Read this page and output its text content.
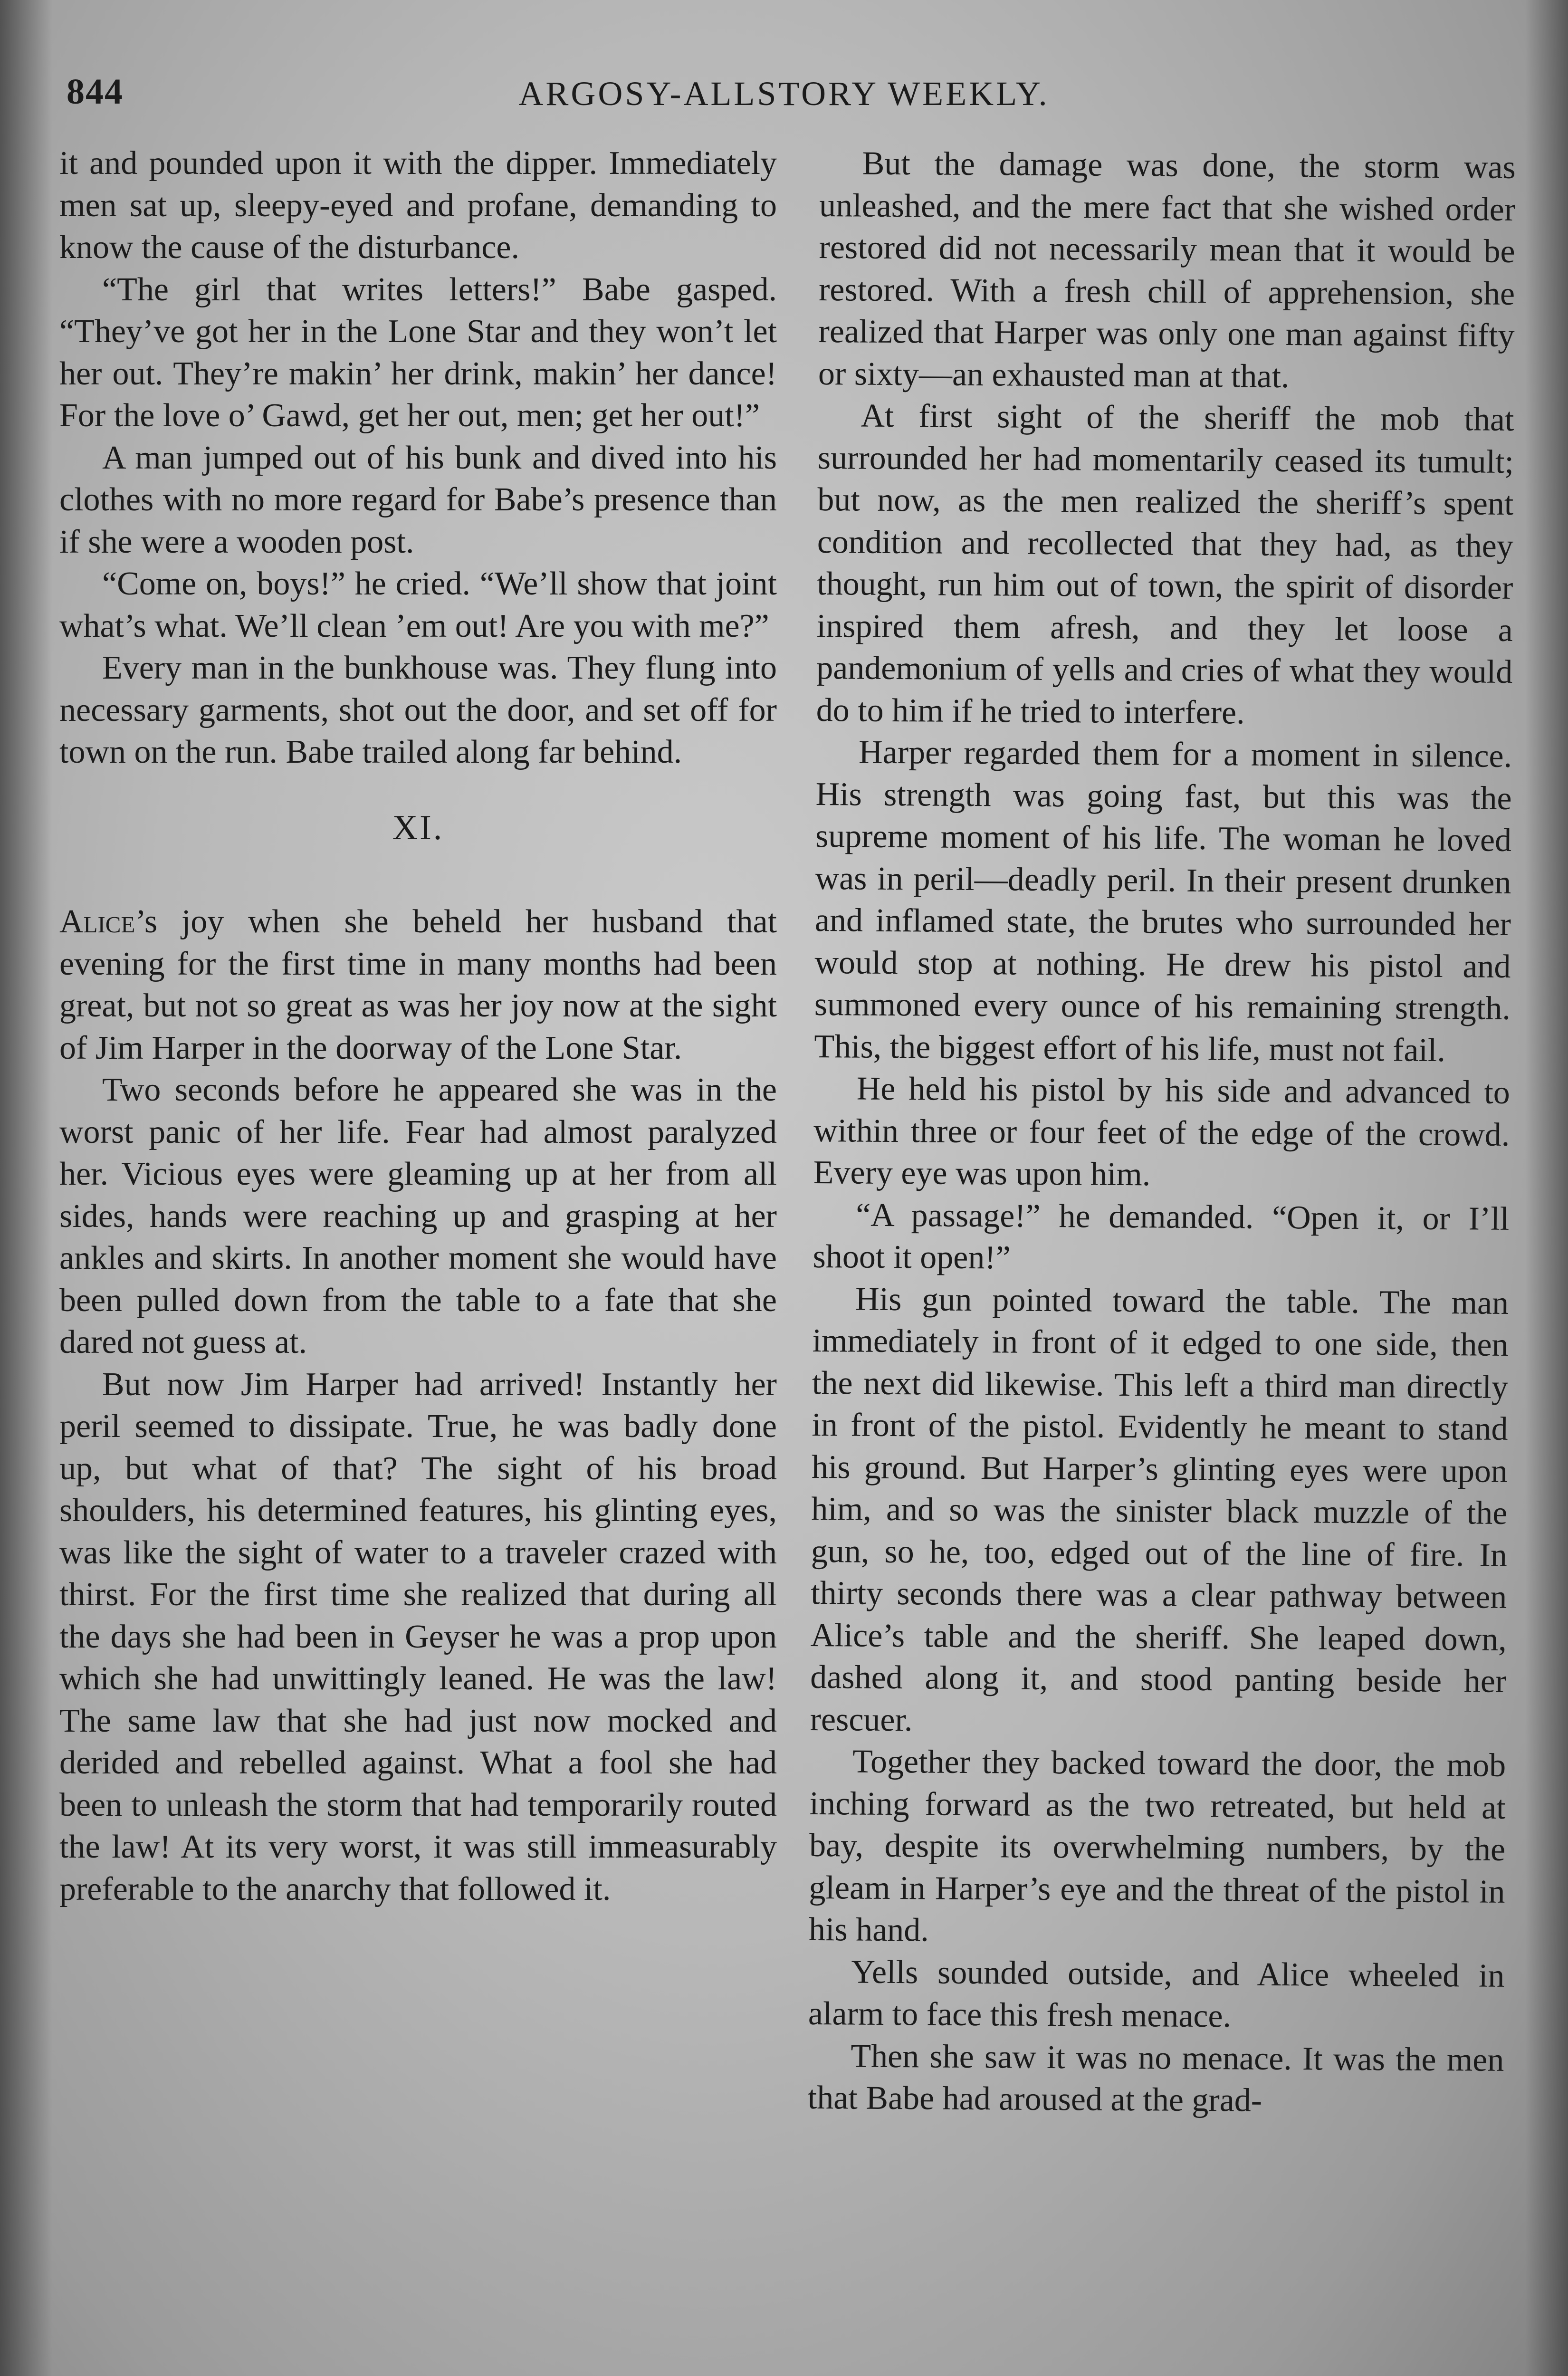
844	ARGOSY-ALLSTORY WEEKLY.

it and pounded upon it with the dipper. Immediately men sat up, sleepy-eyed and profane, demanding to know the cause of the disturbance.

“The girl that writes letters!” Babe gasped. “They’ve got her in the Lone Star and they won’t let her out. They’re makin’ her drink, makin’ her dance! For the love o’ Gawd, get her out, men; get her out!”

A man jumped out of his bunk and dived into his clothes with no more regard for Babe’s presence than if she were a wooden post.

“Come on, boys!” he cried. “We’ll show that joint what’s what. We’ll clean ’em out! Are you with me?”

Every man in the bunkhouse was. They flung into necessary garments, shot out the door, and set off for town on the run. Babe trailed along far behind.

XI.

Alice’s joy when she beheld her husband that evening for the first time in many months had been great, but not so great as was her joy now at the sight of Jim Harper in the doorway of the Lone Star.

Two seconds before he appeared she was in the worst panic of her life. Fear had almost paralyzed her. Vicious eyes were gleaming up at her from all sides, hands were reaching up and grasping at her ankles and skirts. In another moment she would have been pulled down from the table to a fate that she dared not guess at.

But now Jim Harper had arrived! Instantly her peril seemed to dissipate. True, he was badly done up, but what of that? The sight of his broad shoulders, his determined features, his glinting eyes, was like the sight of water to a traveler crazed with thirst. For the first time she realized that during all the days she had been in Geyser he was a prop upon which she had unwittingly leaned. He was the law! The same law that she had just now mocked and derided and rebelled against. What a fool she had been to unleash the storm that had temporarily routed the law! At its very worst, it was still immeasurably preferable to the anarchy that followed it.

But the damage was done, the storm was unleashed, and the mere fact that she wished order restored did not necessarily mean that it would be restored. With a fresh chill of apprehension, she realized that Harper was only one man against fifty or sixty—an exhausted man at that.

At first sight of the sheriff the mob that surrounded her had momentarily ceased its tumult; but now, as the men realized the sheriff’s spent condition and recollected that they had, as they thought, run him out of town, the spirit of disorder inspired them afresh, and they let loose a pandemonium of yells and cries of what they would do to him if he tried to interfere.

Harper regarded them for a moment in silence. His strength was going fast, but this was the supreme moment of his life. The woman he loved was in peril—deadly peril. In their present drunken and inflamed state, the brutes who surrounded her would stop at nothing. He drew his pistol and summoned every ounce of his remaining strength. This, the biggest effort of his life, must not fail.

He held his pistol by his side and advanced to within three or four feet of the edge of the crowd. Every eye was upon him.

“A passage!” he demanded. “Open it, or I’ll shoot it open!”

His gun pointed toward the table. The man immediately in front of it edged to one side, then the next did likewise. This left a third man directly in front of the pistol. Evidently he meant to stand his ground. But Harper’s glinting eyes were upon him, and so was the sinister black muzzle of the gun, so he, too, edged out of the line of fire. In thirty seconds there was a clear pathway between Alice’s table and the sheriff. She leaped down, dashed along it, and stood panting beside her rescuer.

Together they backed toward the door, the mob inching forward as the two retreated, but held at bay, despite its overwhelming numbers, by the gleam in Harper’s eye and the threat of the pistol in his hand.

Yells sounded outside, and Alice wheeled in alarm to face this fresh menace.

Then she saw it was no menace. It was the men that Babe had aroused at the grad-
